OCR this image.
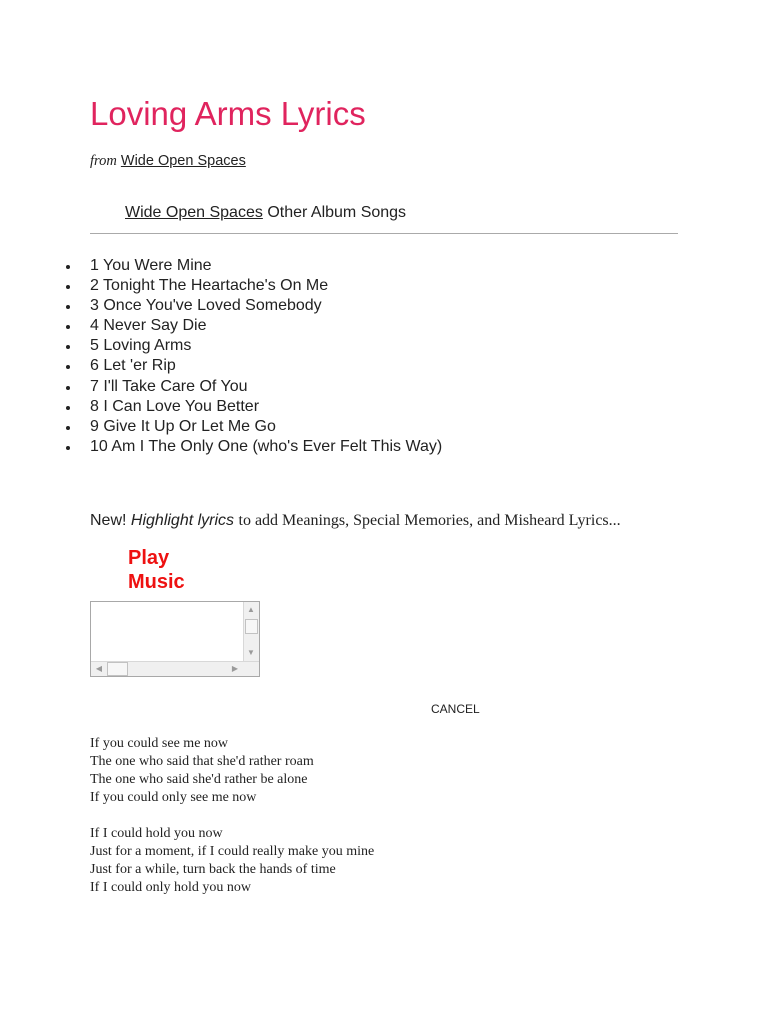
Loving Arms Lyrics
from Wide Open Spaces
Wide Open Spaces Other Album Songs
1 You Were Mine
2 Tonight The Heartache's On Me
3 Once You've Loved Somebody
4 Never Say Die
5 Loving Arms
6 Let 'er Rip
7 I'll Take Care Of You
8 I Can Love You Better
9 Give It Up Or Let Me Go
10 Am I The Only One (who's Ever Felt This Way)
New! Highlight lyrics to add Meanings, Special Memories, and Misheard Lyrics...
Play
Music
▲
▼
◀	▶
CANCEL
If you could see me now
The one who said that she'd rather roam
The one who said she'd rather be alone
If you could only see me now
If I could hold you now
Just for a moment, if I could really make you mine
Just for a while, turn back the hands of time
If I could only hold you now
